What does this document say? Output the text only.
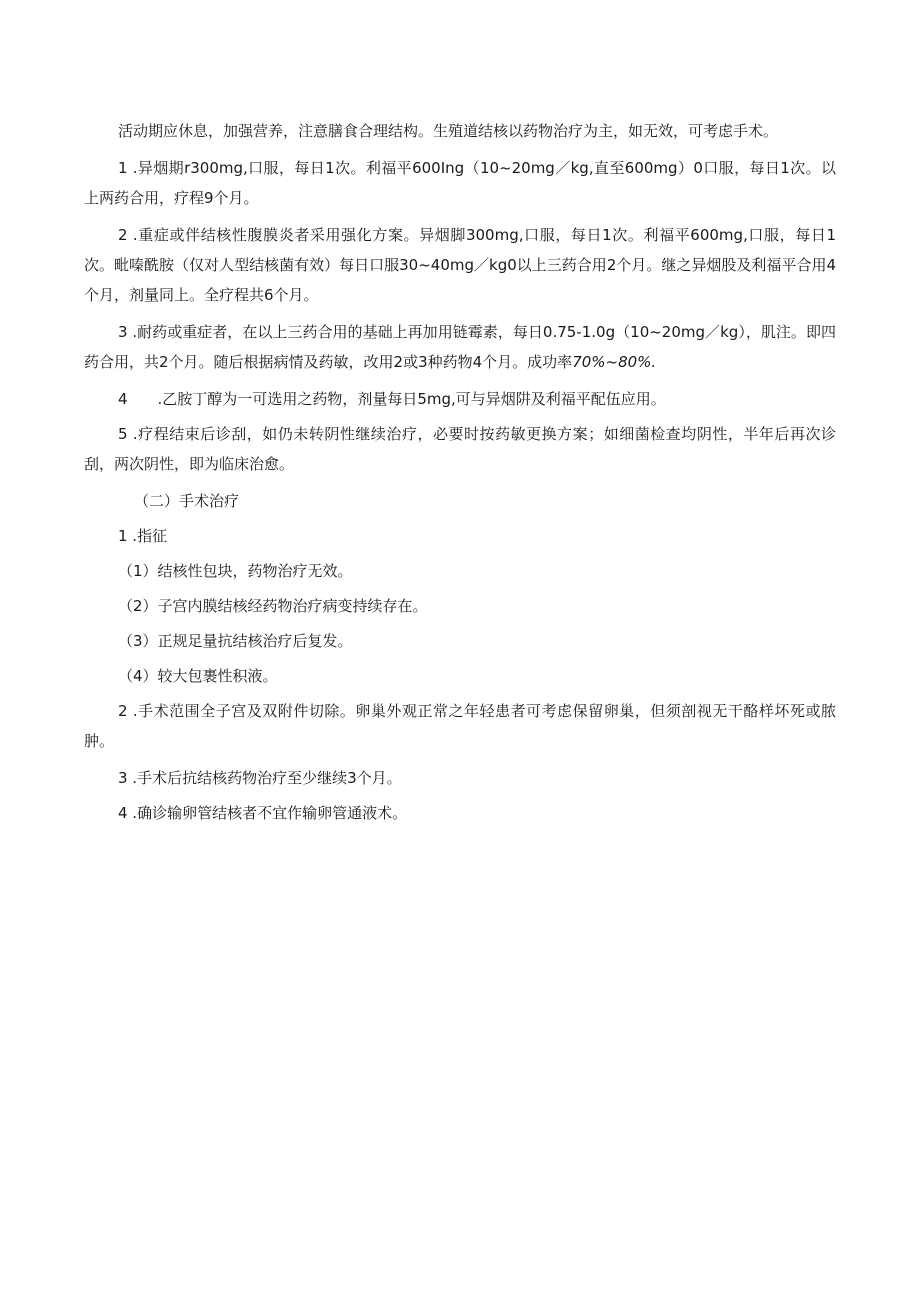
活动期应休息，加强营养，注意膳食合理结构。生殖道结核以药物治疗为主，如无效，可考虑手术。

1 .异烟期r300mg,口服，每日1次。利福平600Ing（10~20mg／kg,直至600mg）0口服，每日1次。以上两药合用，疗程9个月。

2 .重症或伴结核性腹膜炎者采用强化方案。异烟脚300mg,口服，每日1次。利福平600mg,口服，每日1次。毗嗪酰胺（仅对人型结核菌有效）每日口服30~40mg／kg0以上三药合用2个月。继之异烟股及利福平合用4个月，剂量同上。全疗程共6个月。

3 .耐药或重症者，在以上三药合用的基础上再加用链霉素，每日0.75-1.0g（10~20mg／kg），肌注。即四药合用，共2个月。随后根据病情及药敏，改用2或3种药物4个月。成功率70%~80%.

4　　.乙胺丁醇为一可选用之药物，剂量每日5mg,可与异烟阱及利福平配伍应用。

5 .疗程结束后诊刮，如仍未转阴性继续治疗，必要时按药敏更换方案；如细菌检查均阴性，半年后再次诊刮，两次阴性，即为临床治愈。

（二）手术治疗

1 .指征

（1）结核性包块，药物治疗无效。

（2）子宫内膜结核经药物治疗病变持续存在。

（3）正规足量抗结核治疗后复发。

（4）较大包裹性积液。

2 .手术范围全子宫及双附件切除。卵巢外观正常之年轻患者可考虑保留卵巢，但须剖视无干酪样坏死或脓肿。

3 .手术后抗结核药物治疗至少继续3个月。

4 .确诊输卵管结核者不宜作输卵管通液术。
